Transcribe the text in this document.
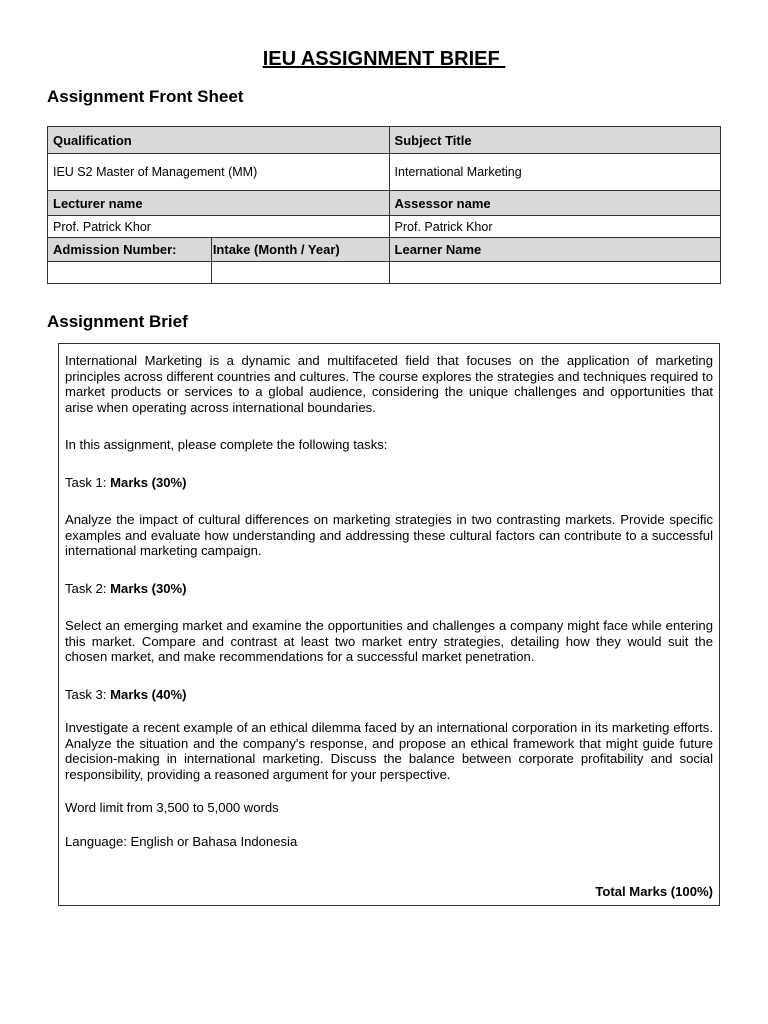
IEU ASSIGNMENT BRIEF
Assignment Front Sheet
Qualification		Subject Title
IEU S2 Master of Management (MM)		International Marketing
Lecturer name		Assessor name
Prof. Patrick Khor		Prof. Patrick Khor
Admission Number:	Intake (Month / Year)	Learner Name

Assignment Brief

International Marketing is a dynamic and multifaceted field that focuses on the application of marketing principles across different countries and cultures. The course explores the strategies and techniques required to market products or services to a global audience, considering the unique challenges and opportunities that arise when operating across international boundaries.

In this assignment, please complete the following tasks:

Task 1: Marks (30%)

Analyze the impact of cultural differences on marketing strategies in two contrasting markets. Provide specific examples and evaluate how understanding and addressing these cultural factors can contribute to a successful international marketing campaign.

Task 2: Marks (30%)

Select an emerging market and examine the opportunities and challenges a company might face while entering this market. Compare and contrast at least two market entry strategies, detailing how they would suit the chosen market, and make recommendations for a successful market penetration.

Task 3: Marks (40%)

Investigate a recent example of an ethical dilemma faced by an international corporation in its marketing efforts. Analyze the situation and the company's response, and propose an ethical framework that might guide future decision-making in international marketing. Discuss the balance between corporate profitability and social responsibility, providing a reasoned argument for your perspective.

Word limit from 3,500 to 5,000 words

Language: English or Bahasa Indonesia

Total Marks (100%)
